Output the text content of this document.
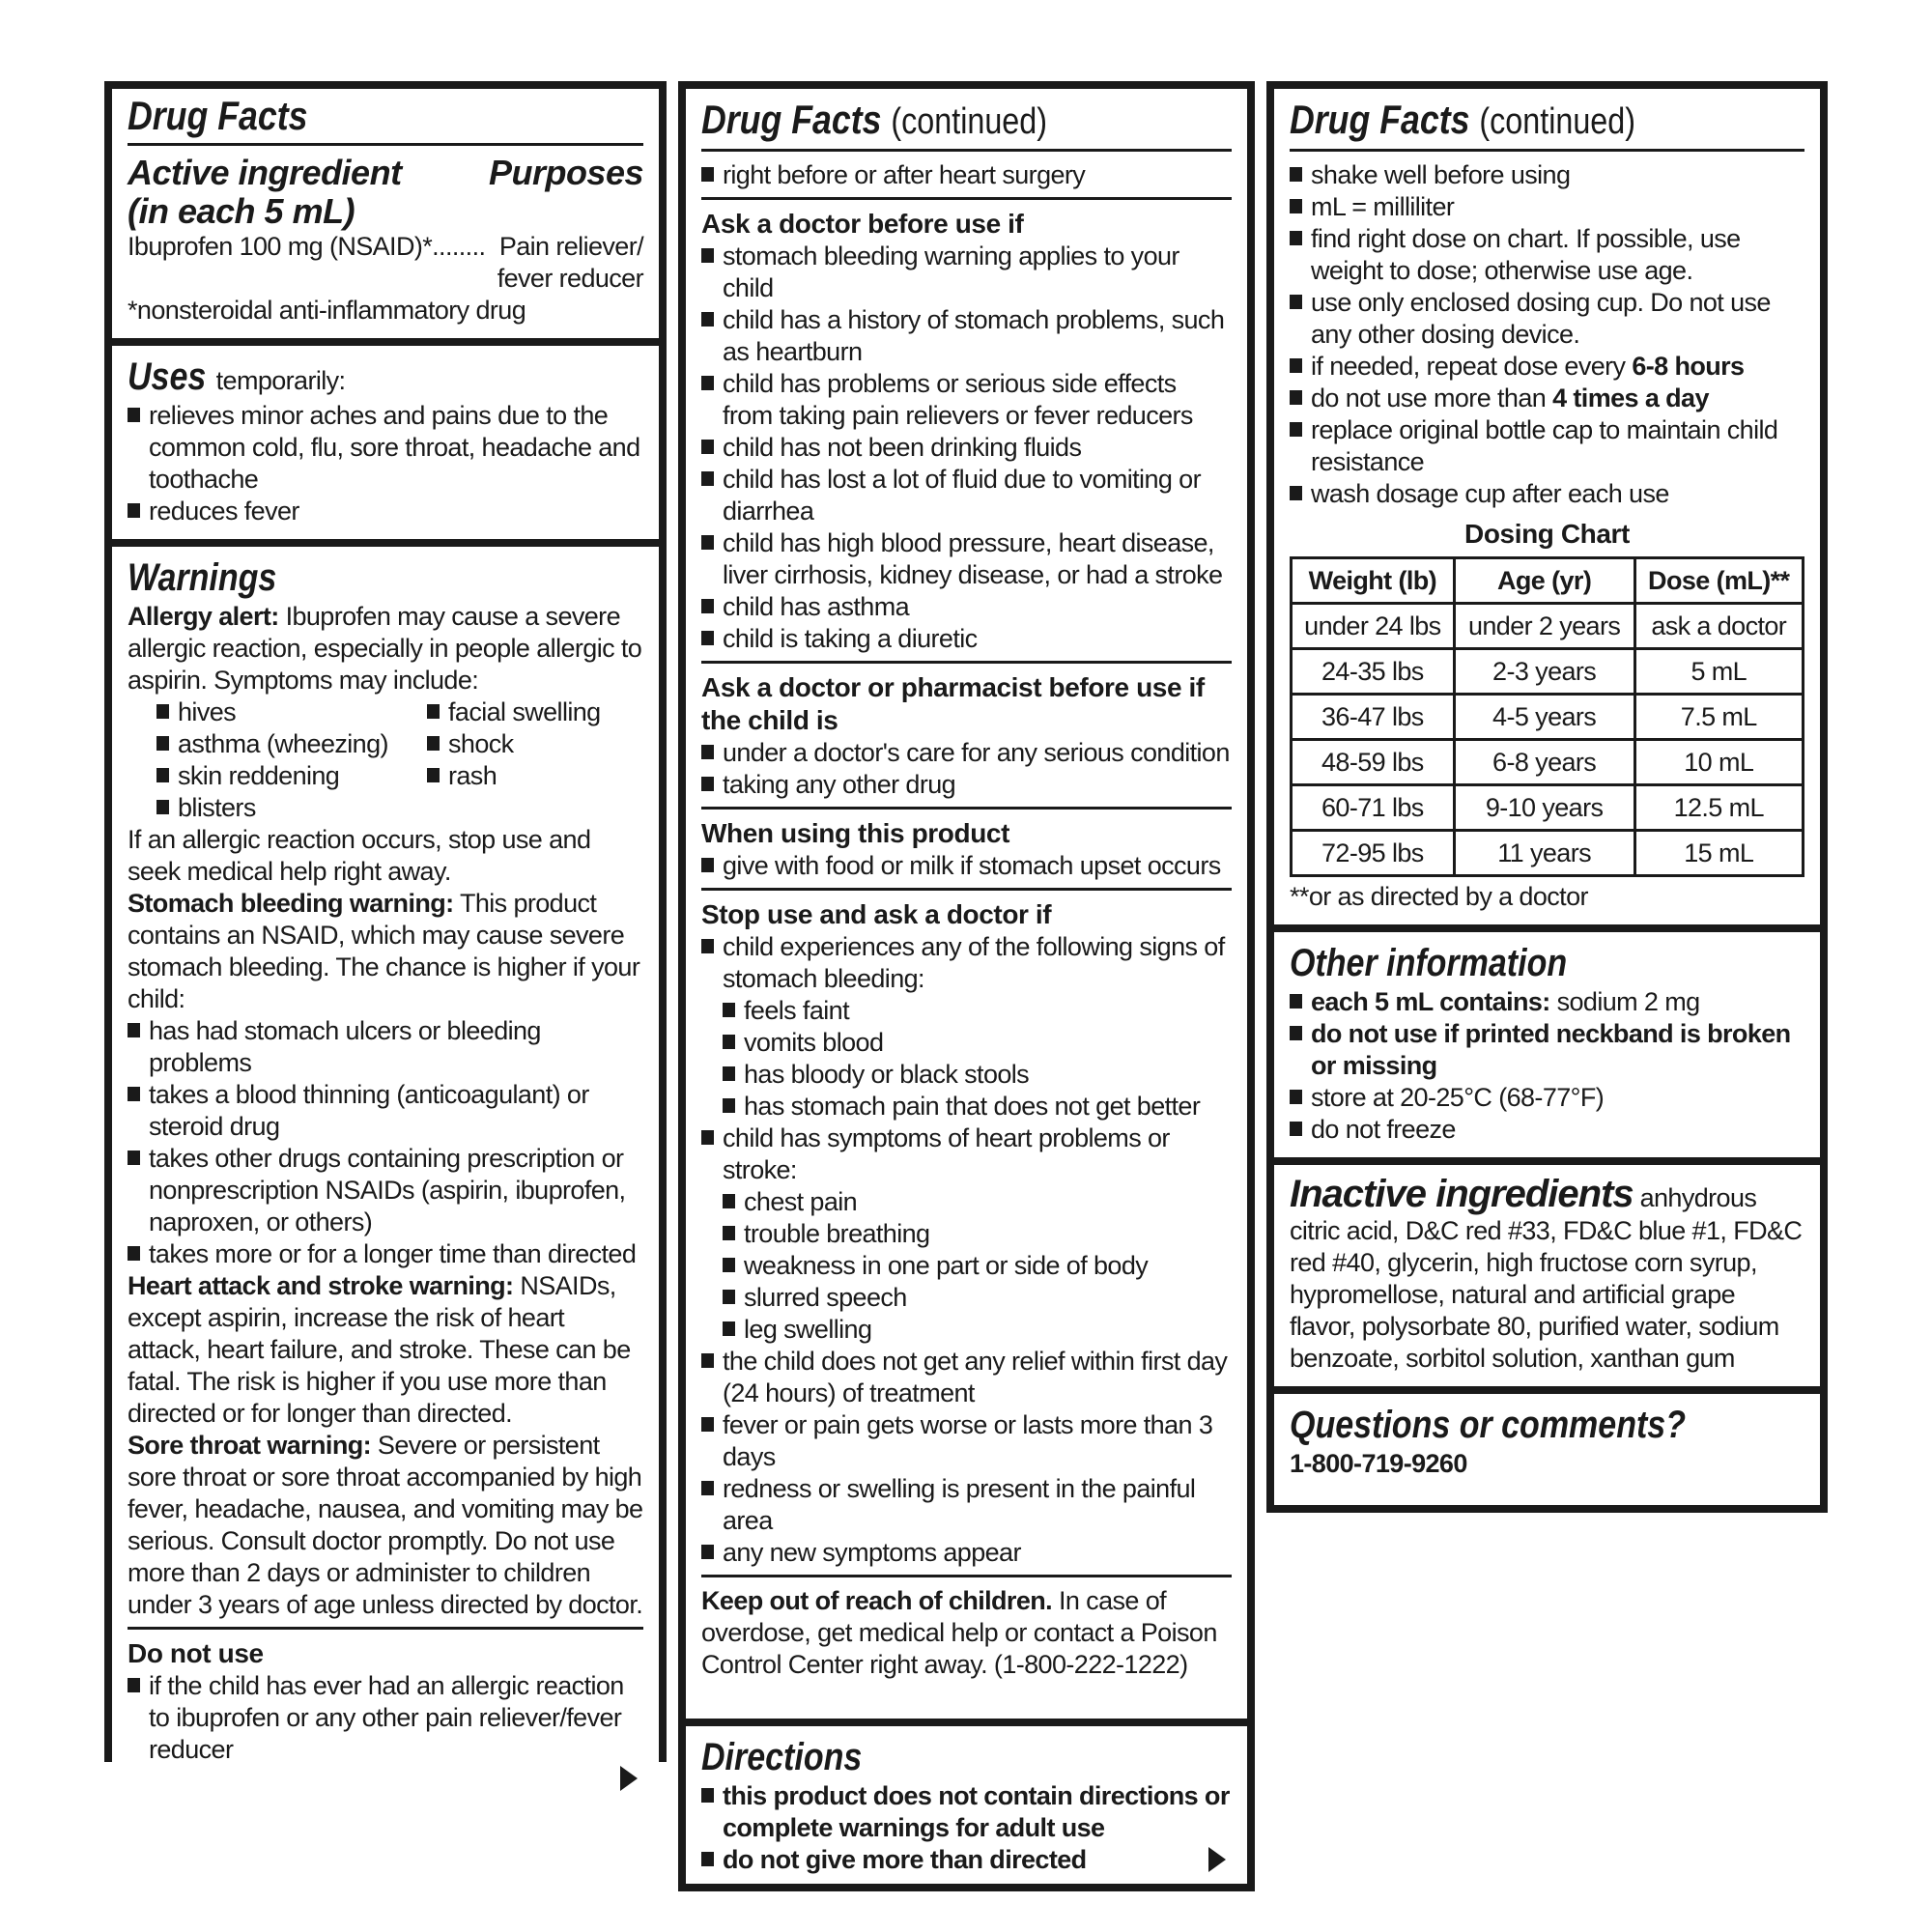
Drug Facts
Active ingredient
(in each 5 mL)
Purposes
Ibuprofen 100 mg (NSAID)*........ Pain reliever/
fever reducer
*nonsteroidal anti-inflammatory drug
Uses temporarily:
relieves minor aches and pains due to the common cold, flu, sore throat, headache and toothache
reduces fever
Warnings
Allergy alert: Ibuprofen may cause a severe allergic reaction, especially in people allergic to aspirin. Symptoms may include:
hives	facial swelling
asthma (wheezing)	shock
skin reddening	rash
blisters
If an allergic reaction occurs, stop use and seek medical help right away.
Stomach bleeding warning: This product contains an NSAID, which may cause severe stomach bleeding. The chance is higher if your child:
has had stomach ulcers or bleeding problems
takes a blood thinning (anticoagulant) or steroid drug
takes other drugs containing prescription or nonprescription NSAIDs (aspirin, ibuprofen, naproxen, or others)
takes more or for a longer time than directed
Heart attack and stroke warning: NSAIDs, except aspirin, increase the risk of heart attack, heart failure, and stroke. These can be fatal. The risk is higher if you use more than directed or for longer than directed.
Sore throat warning: Severe or persistent sore throat or sore throat accompanied by high fever, headache, nausea, and vomiting may be serious. Consult doctor promptly. Do not use more than 2 days or administer to children under 3 years of age unless directed by doctor.
Do not use
if the child has ever had an allergic reaction to ibuprofen or any other pain reliever/fever reducer
Drug Facts (continued)
right before or after heart surgery
Ask a doctor before use if
stomach bleeding warning applies to your child
child has a history of stomach problems, such as heartburn
child has problems or serious side effects from taking pain relievers or fever reducers
child has not been drinking fluids
child has lost a lot of fluid due to vomiting or diarrhea
child has high blood pressure, heart disease, liver cirrhosis, kidney disease, or had a stroke
child has asthma
child is taking a diuretic
Ask a doctor or pharmacist before use if the child is
under a doctor's care for any serious condition
taking any other drug
When using this product
give with food or milk if stomach upset occurs
Stop use and ask a doctor if
child experiences any of the following signs of stomach bleeding:
feels faint
vomits blood
has bloody or black stools
has stomach pain that does not get better
child has symptoms of heart problems or stroke:
chest pain
trouble breathing
weakness in one part or side of body
slurred speech
leg swelling
the child does not get any relief within first day (24 hours) of treatment
fever or pain gets worse or lasts more than 3 days
redness or swelling is present in the painful area
any new symptoms appear
Keep out of reach of children. In case of overdose, get medical help or contact a Poison Control Center right away. (1-800-222-1222)
Directions
this product does not contain directions or complete warnings for adult use
do not give more than directed
Drug Facts (continued)
shake well before using
mL = milliliter
find right dose on chart. If possible, use weight to dose; otherwise use age.
use only enclosed dosing cup. Do not use any other dosing device.
if needed, repeat dose every 6-8 hours
do not use more than 4 times a day
replace original bottle cap to maintain child resistance
wash dosage cup after each use
Dosing Chart
Weight (lb)	Age (yr)	Dose (mL)**
under 24 lbs	under 2 years	ask a doctor
24-35 lbs	2-3 years	5 mL
36-47 lbs	4-5 years	7.5 mL
48-59 lbs	6-8 years	10 mL
60-71 lbs	9-10 years	12.5 mL
72-95 lbs	11 years	15 mL
**or as directed by a doctor
Other information
each 5 mL contains: sodium 2 mg
do not use if printed neckband is broken or missing
store at 20-25°C (68-77°F)
do not freeze
Inactive ingredients anhydrous citric acid, D&C red #33, FD&C blue #1, FD&C red #40, glycerin, high fructose corn syrup, hypromellose, natural and artificial grape flavor, polysorbate 80, purified water, sodium benzoate, sorbitol solution, xanthan gum
Questions or comments?
1-800-719-9260
